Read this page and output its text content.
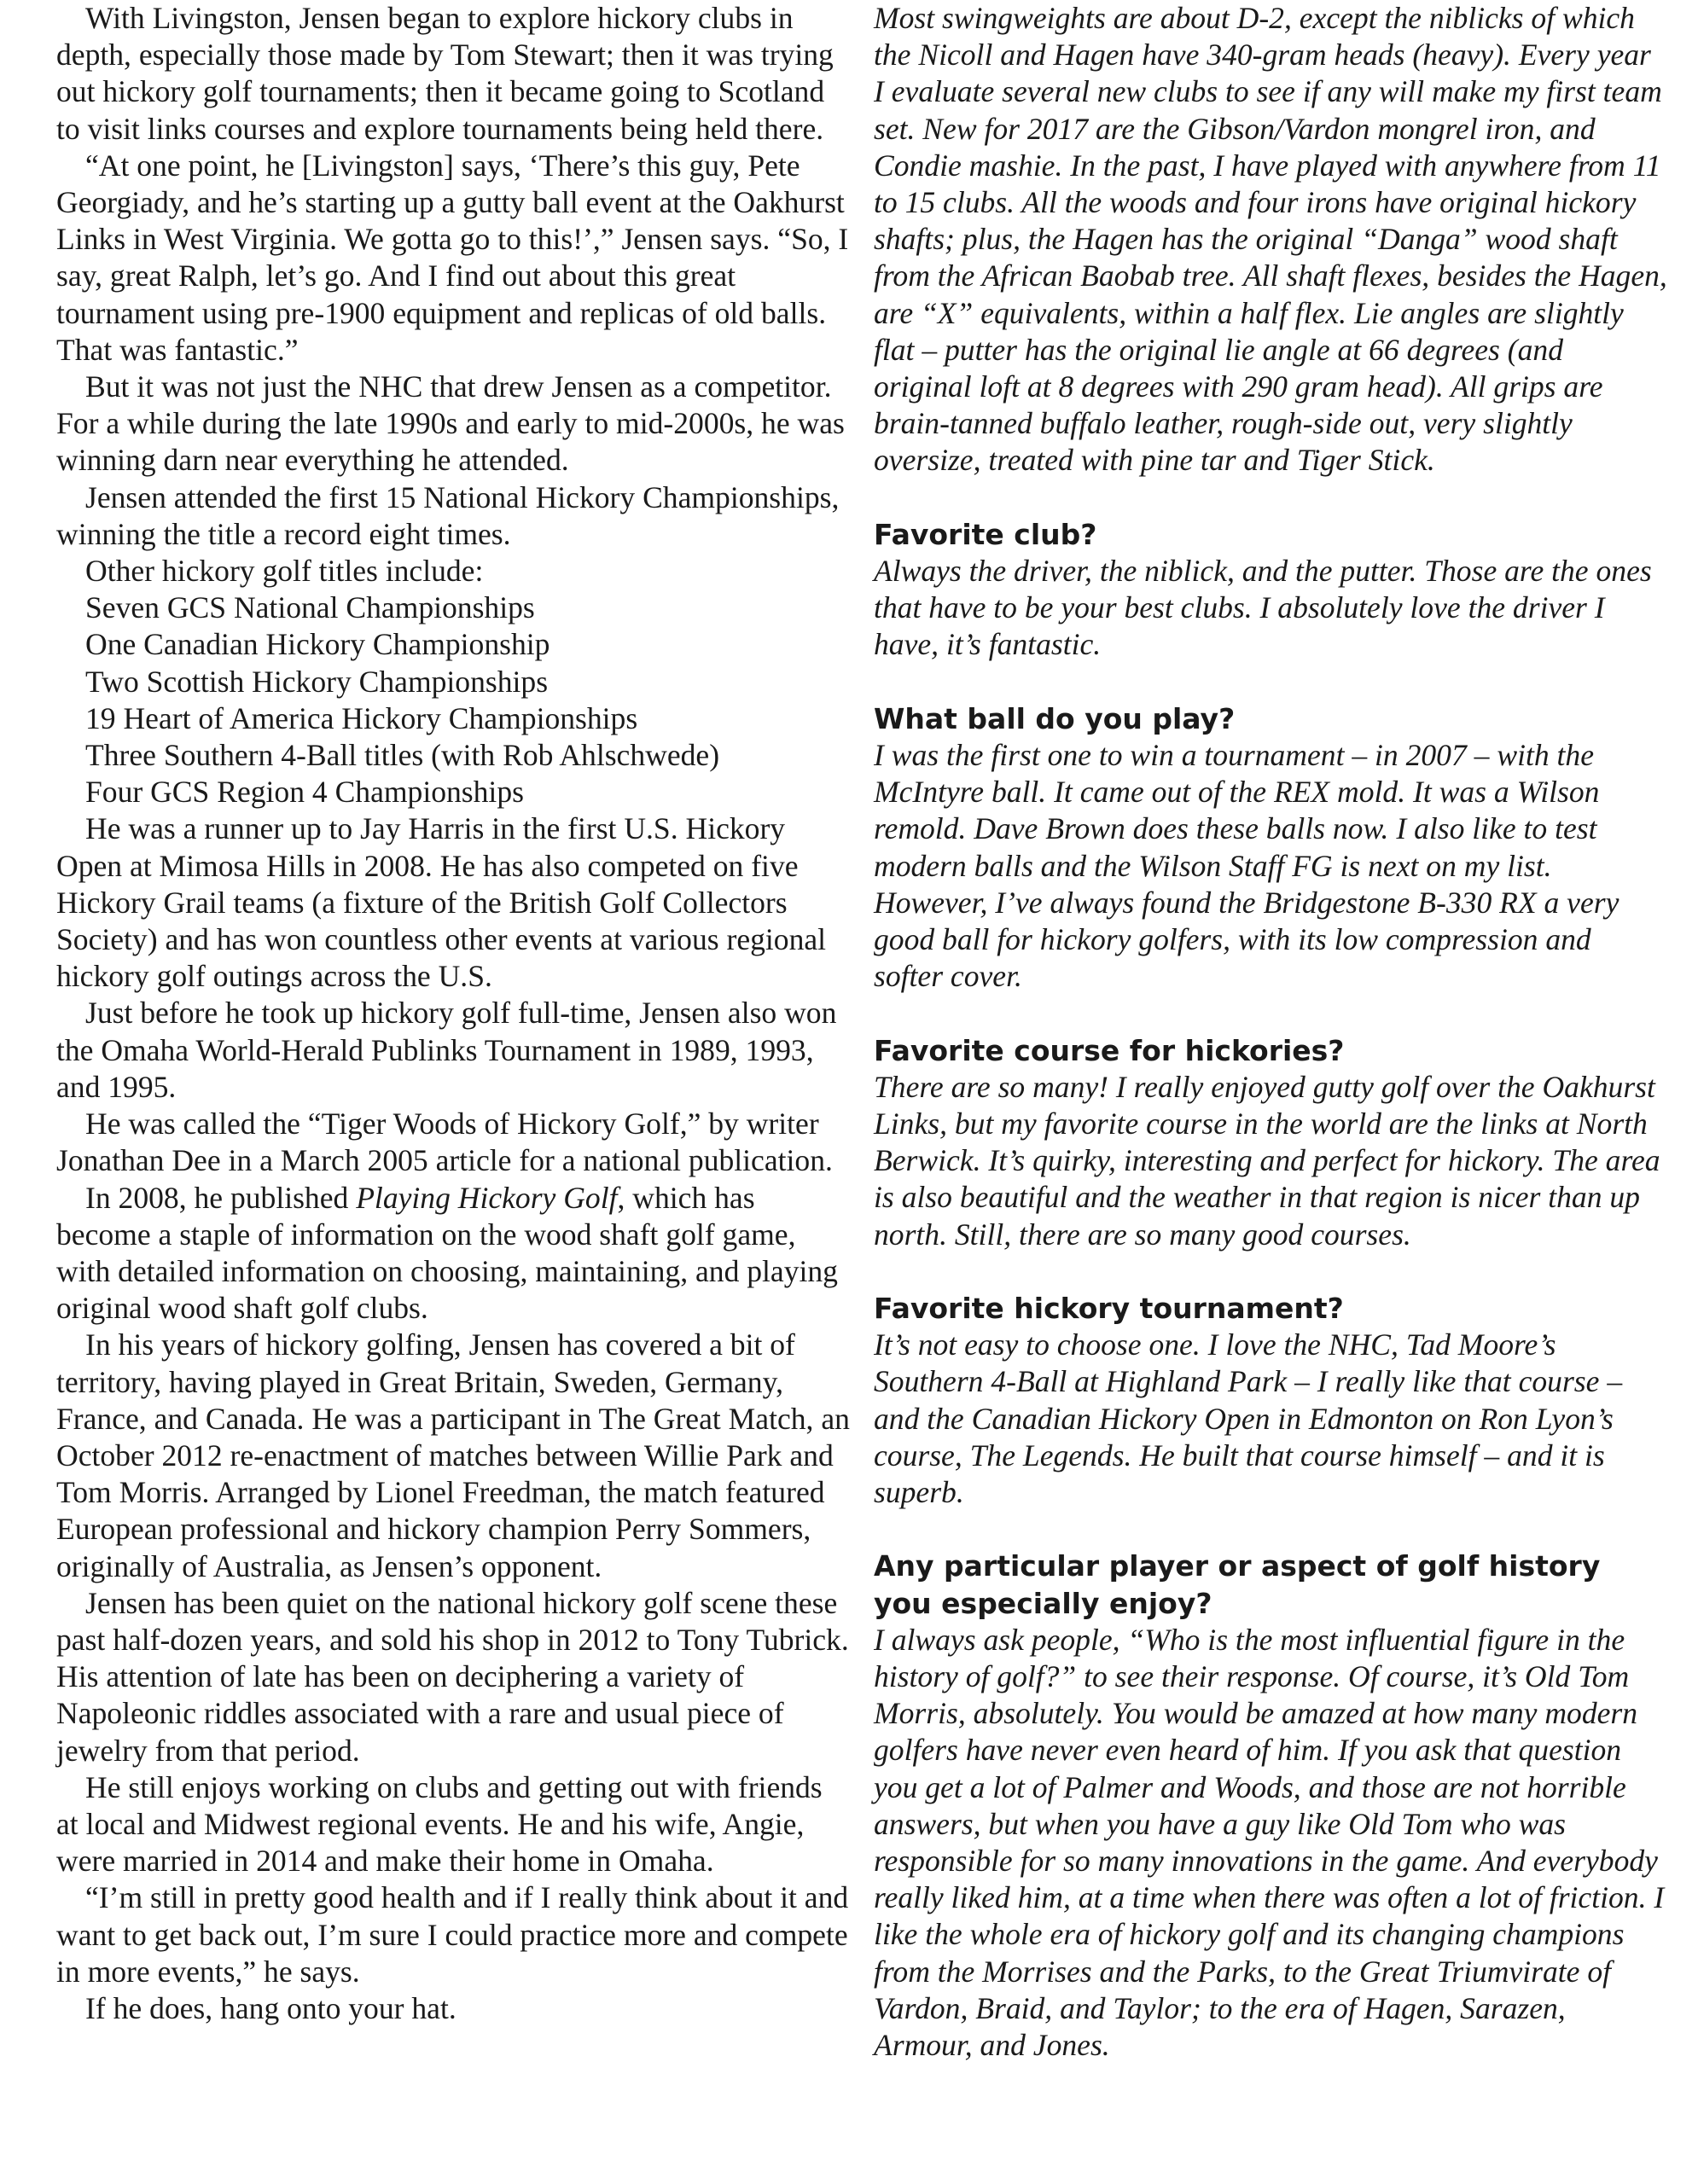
With Livingston, Jensen began to explore hickory clubs in depth, especially those made by Tom Stewart; then it was trying out hickory golf tournaments; then it became going to Scotland to visit links courses and explore tournaments being held there.

“At one point, he [Livingston] says, ‘There’s this guy, Pete Georgiady, and he’s starting up a gutty ball event at the Oakhurst Links in West Virginia. We gotta go to this!’,” Jensen says. “So, I say, great Ralph, let’s go. And I find out about this great tournament using pre-1900 equipment and replicas of old balls. That was fantastic.”

But it was not just the NHC that drew Jensen as a competitor. For a while during the late 1990s and early to mid-2000s, he was winning darn near everything he attended.

Jensen attended the first 15 National Hickory Championships, winning the title a record eight times.

Other hickory golf titles include:

Seven GCS National Championships
One Canadian Hickory Championship
Two Scottish Hickory Championships
19 Heart of America Hickory Championships
Three Southern 4-Ball titles (with Rob Ahlschwede)
Four GCS Region 4 Championships

He was a runner up to Jay Harris in the first U.S. Hickory Open at Mimosa Hills in 2008. He has also competed on five Hickory Grail teams (a fixture of the British Golf Collectors Society) and has won countless other events at various regional hickory golf outings across the U.S.

Just before he took up hickory golf full-time, Jensen also won the Omaha World-Herald Publinks Tournament in 1989, 1993, and 1995.

He was called the “Tiger Woods of Hickory Golf,” by writer Jonathan Dee in a March 2005 article for a national publication.

In 2008, he published Playing Hickory Golf, which has become a staple of information on the wood shaft golf game, with detailed information on choosing, maintaining, and playing original wood shaft golf clubs.

In his years of hickory golfing, Jensen has covered a bit of territory, having played in Great Britain, Sweden, Germany, France, and Canada. He was a participant in The Great Match, an October 2012 re-enactment of matches between Willie Park and Tom Morris. Arranged by Lionel Freedman, the match featured European professional and hickory champion Perry Sommers, originally of Australia, as Jensen’s opponent.

Jensen has been quiet on the national hickory golf scene these past half-dozen years, and sold his shop in 2012 to Tony Tubrick. His attention of late has been on deciphering a variety of Napoleonic riddles associated with a rare and usual piece of jewelry from that period.

He still enjoys working on clubs and getting out with friends at local and Midwest regional events. He and his wife, Angie, were married in 2014 and make their home in Omaha.

“I’m still in pretty good health and if I really think about it and want to get back out, I’m sure I could practice more and compete in more events,” he says.

If he does, hang onto your hat.

Most swingweights are about D-2, except the niblicks of which the Nicoll and Hagen have 340-gram heads (heavy). Every year I evaluate several new clubs to see if any will make my first team set. New for 2017 are the Gibson/Vardon mongrel iron, and Condie mashie. In the past, I have played with anywhere from 11 to 15 clubs. All the woods and four irons have original hickory shafts; plus, the Hagen has the original “Danga” wood shaft from the African Baobab tree. All shaft flexes, besides the Hagen, are “X” equivalents, within a half flex. Lie angles are slightly flat – putter has the original lie angle at 66 degrees (and original loft at 8 degrees with 290 gram head). All grips are brain-tanned buffalo leather, rough-side out, very slightly oversize, treated with pine tar and Tiger Stick.

Favorite club?

Always the driver, the niblick, and the putter. Those are the ones that have to be your best clubs. I absolutely love the driver I have, it’s fantastic.

What ball do you play?

I was the first one to win a tournament – in 2007 – with the McIntyre ball. It came out of the REX mold. It was a Wilson remold. Dave Brown does these balls now. I also like to test modern balls and the Wilson Staff FG is next on my list. However, I’ve always found the Bridgestone B-330 RX a very good ball for hickory golfers, with its low compression and softer cover.

Favorite course for hickories?

There are so many! I really enjoyed gutty golf over the Oakhurst Links, but my favorite course in the world are the links at North Berwick. It’s quirky, interesting and perfect for hickory. The area is also beautiful and the weather in that region is nicer than up north. Still, there are so many good courses.

Favorite hickory tournament?

It’s not easy to choose one. I love the NHC, Tad Moore’s Southern 4-Ball at Highland Park – I really like that course – and the Canadian Hickory Open in Edmonton on Ron Lyon’s course, The Legends. He built that course himself – and it is superb.

Any particular player or aspect of golf history you especially enjoy?

I always ask people, “Who is the most influential figure in the history of golf?” to see their response. Of course, it’s Old Tom Morris, absolutely. You would be amazed at how many modern golfers have never even heard of him. If you ask that question you get a lot of Palmer and Woods, and those are not horrible answers, but when you have a guy like Old Tom who was responsible for so many innovations in the game. And everybody really liked him, at a time when there was often a lot of friction. I like the whole era of hickory golf and its changing champions from the Morrises and the Parks, to the Great Triumvirate of Vardon, Braid, and Taylor; to the era of Hagen, Sarazen, Armour, and Jones.
